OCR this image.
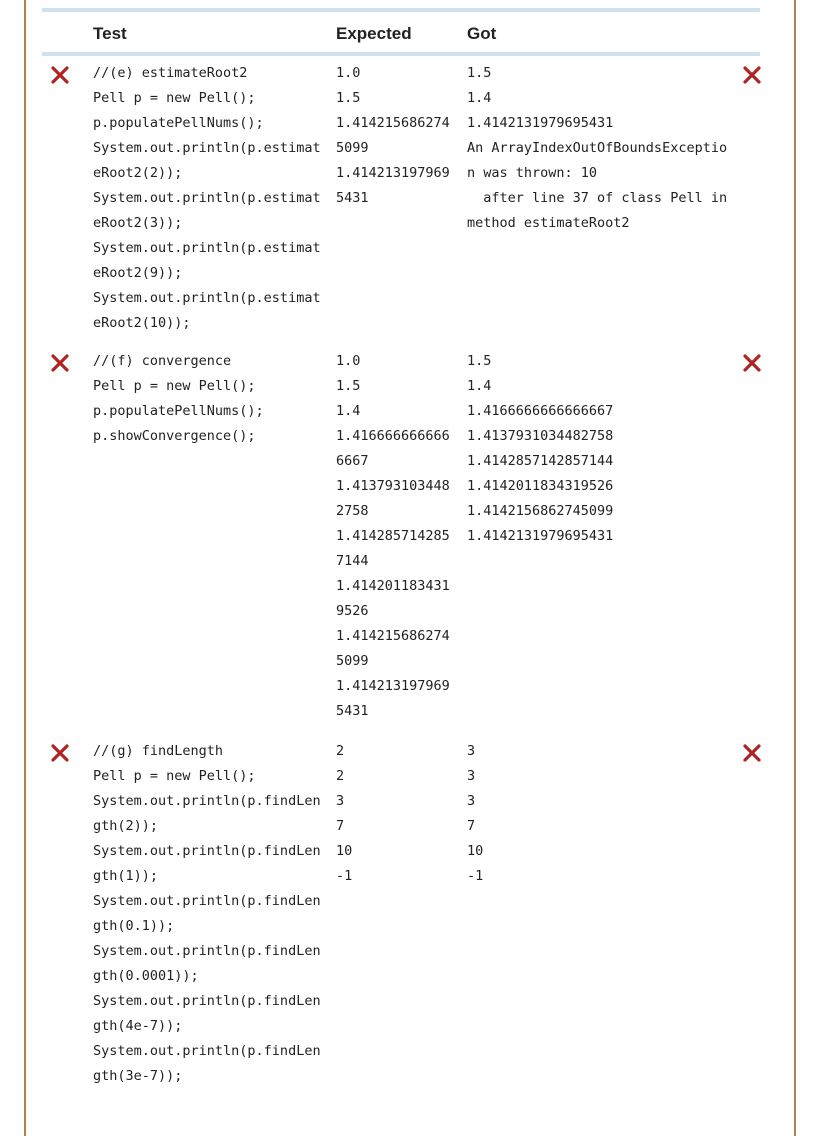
Test	Expected	Got
//(e) estimateRoot2
Pell p = new Pell();
p.populatePellNums();
System.out.println(p.estimat
eRoot2(2));
System.out.println(p.estimat
eRoot2(3));
System.out.println(p.estimat
eRoot2(9));
System.out.println(p.estimat
eRoot2(10));
1.0
1.5
1.414215686274
5099
1.414213197969
5431
1.5
1.4
1.4142131979695431
An ArrayIndexOutOfBoundsExceptio
n was thrown: 10
after line 37 of class Pell in
method estimateRoot2
//(f) convergence
Pell p = new Pell();
p.populatePellNums();
p.showConvergence();
1.0
1.5
1.4
1.416666666666
6667
1.413793103448
2758
1.414285714285
7144
1.414201183431
9526
1.414215686274
5099
1.414213197969
5431
1.5
1.4
1.4166666666666667
1.4137931034482758
1.4142857142857144
1.4142011834319526
1.4142156862745099
1.4142131979695431
//(g) findLength
Pell p = new Pell();
System.out.println(p.findLen
gth(2));
System.out.println(p.findLen
gth(1));
System.out.println(p.findLen
gth(0.1));
System.out.println(p.findLen
gth(0.0001));
System.out.println(p.findLen
gth(4e-7));
System.out.println(p.findLen
gth(3e-7));
2
2
3
7
10
-1
3
3
3
7
10
-1
